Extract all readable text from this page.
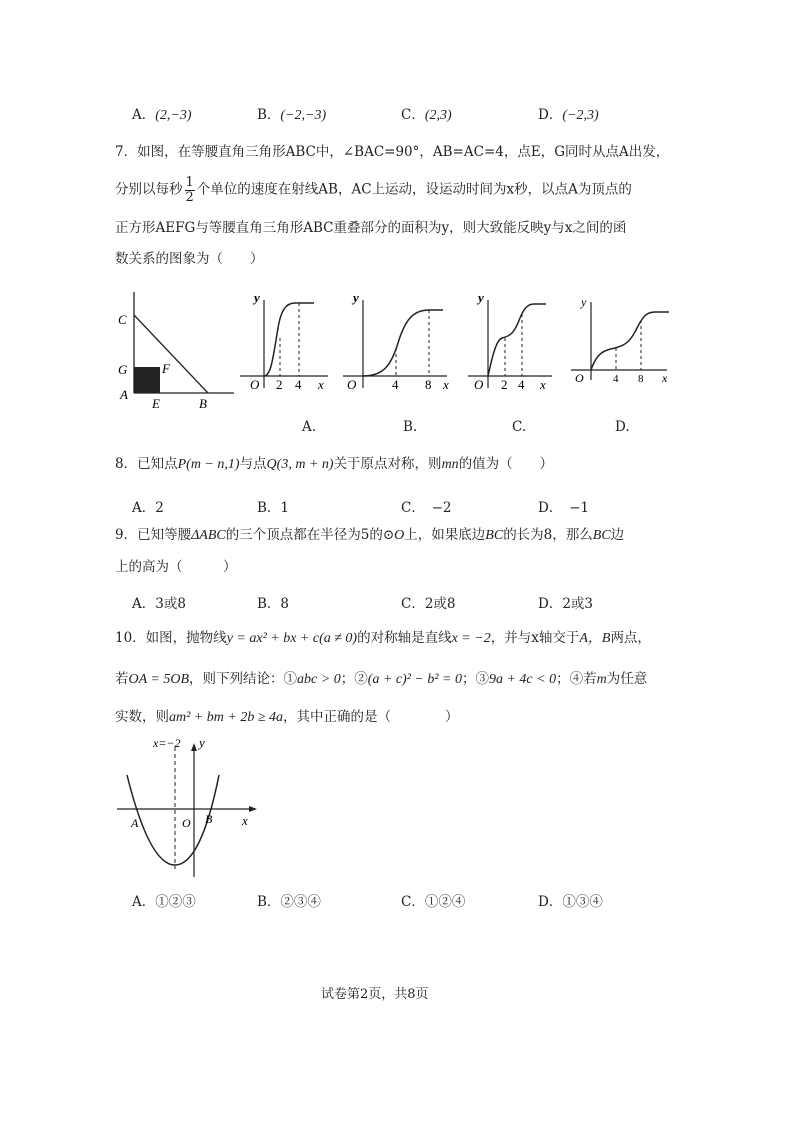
A．(2,−3)	B．(−2,−3)	C．(2,3)	D．(−2,3)
7．如图，在等腰直角三角形ABC中，∠BAC=90°，AB=AC=4，点E，G同时从点A出发，
分别以每秒 $\frac{1}{2}$ 个单位的速度在射线AB，AC上运动，设运动时间为x秒，以点A为顶点的
正方形AEFG与等腰直角三角形ABC重叠部分的面积为y，则大致能反映y与x之间的函
数关系的图象为（　　）
C
G	F
A
E	B
y
O 2 4 x
y
O	4 8 x
y
O 2 4 x
y
O	4 8 x
A.	B.	C.	D.
8．已知点P(m − n,1)与点Q(3, m + n)关于原点对称，则mn的值为（　　）
A．2	B．1	C．　−2	D．　−1
9．已知等腰ΔABC的三个顶点都在半径为5的⊙O上，如果底边BC的长为8，那么BC边
上的高为（　　　）
A．3或8	B．8	C．2或8	D．2或3
10．如图，抛物线y = ax² + bx + c(a ≠ 0)的对称轴是直线x = −2，并与x轴交于A，B两点，
若OA = 5OB，则下列结论：①abc > 0；②(a + c)² − b² = 0；③9a + 4c < 0；④若m为任意
实数，则am² + bm + 2b ≥ 4a，其中正确的是（　　　　）
x=−2 y
x
A	O B
A．①②③	B．②③④	C．①②④	D．①③④
试卷第2页，共8页
